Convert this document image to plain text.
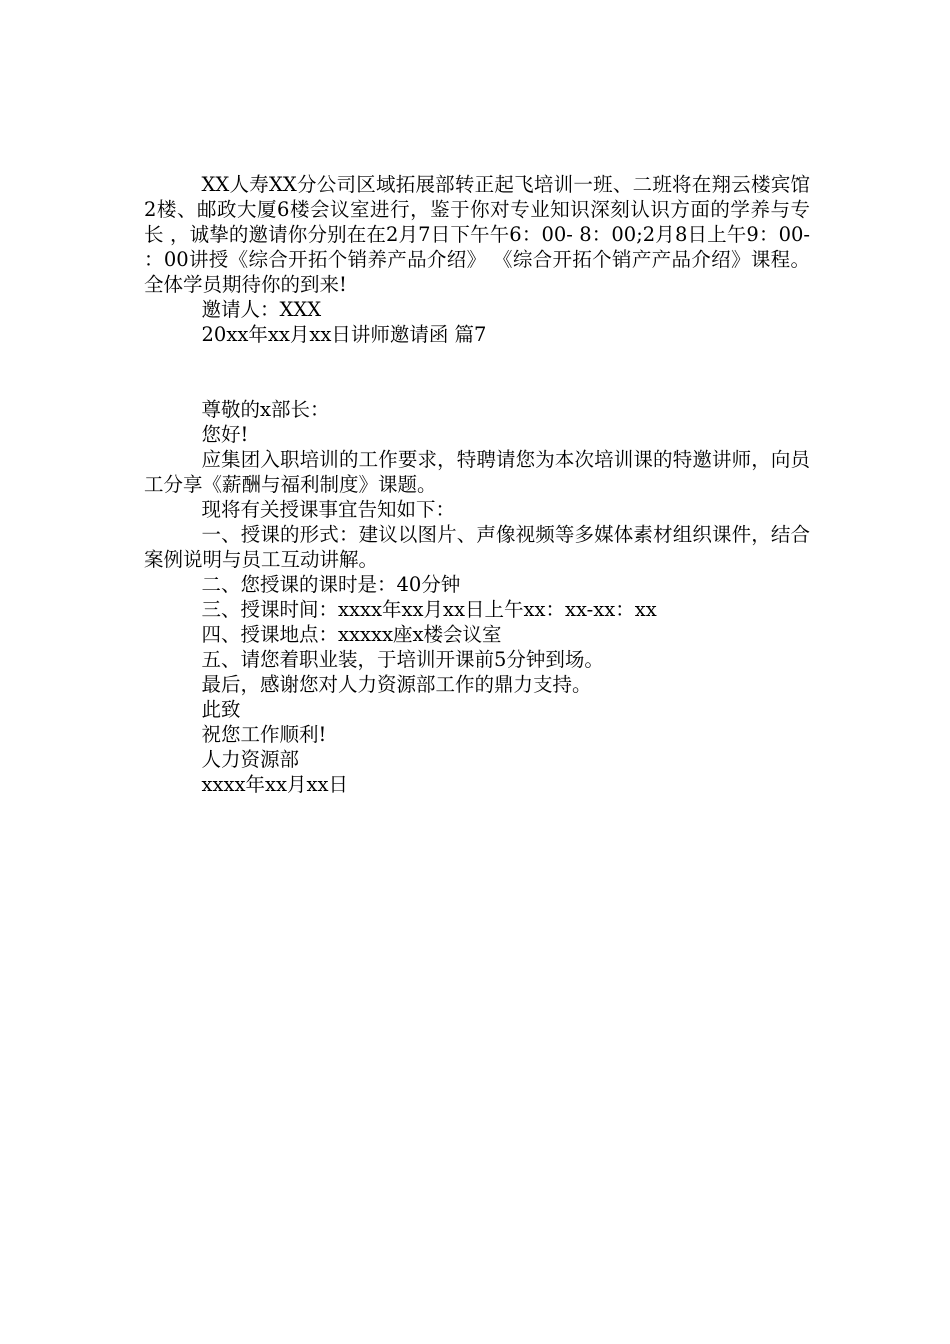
XX人寿XX分公司区域拓展部转正起飞培训一班、二班将在翔云楼宾馆2楼、邮政大厦6楼会议室进行，鉴于你对专业知识深刻认识方面的学养与专长 ，诚挚的邀请你分别在在2月7日下午午6：00- 8：00;2月8日上午9：00- ：00讲授《综合开拓个销养产品介绍》 《综合开拓个销产产品介绍》课程。全体学员期待你的到来!

邀请人：XXX

20xx年xx月xx日讲师邀请函 篇7

尊敬的x部长：

您好!

应集团入职培训的工作要求，特聘请您为本次培训课的特邀讲师，向员工分享《薪酬与福利制度》课题。

现将有关授课事宜告知如下：

一、授课的形式：建议以图片、声像视频等多媒体素材组织课件，结合案例说明与员工互动讲解。

二、您授课的课时是：40分钟

三、授课时间：xxxx年xx月xx日上午xx：xx-xx：xx

四、授课地点：xxxxx座x楼会议室

五、请您着职业装，于培训开课前5分钟到场。

最后，感谢您对人力资源部工作的鼎力支持。

此致

祝您工作顺利!

人力资源部

xxxx年xx月xx日
